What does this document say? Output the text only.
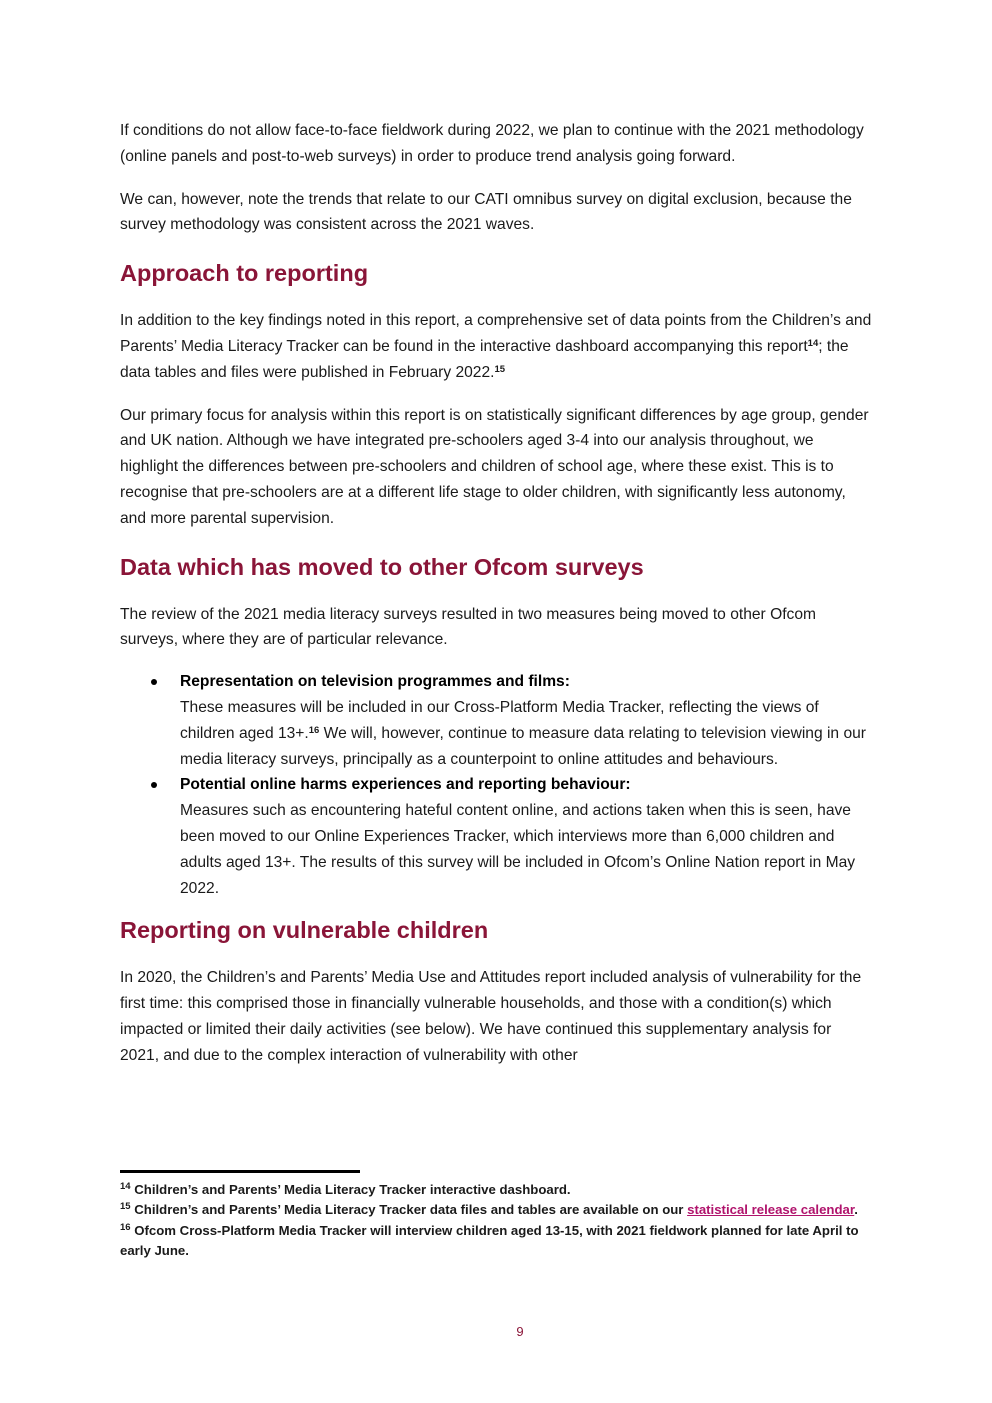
If conditions do not allow face-to-face fieldwork during 2022, we plan to continue with the 2021 methodology (online panels and post-to-web surveys) in order to produce trend analysis going forward.

We can, however, note the trends that relate to our CATI omnibus survey on digital exclusion, because the survey methodology was consistent across the 2021 waves.

Approach to reporting

In addition to the key findings noted in this report, a comprehensive set of data points from the Children’s and Parents’ Media Literacy Tracker can be found in the interactive dashboard accompanying this report$^{14}$; the data tables and files were published in February 2022.15

Our primary focus for analysis within this report is on statistically significant differences by age group, gender and UK nation. Although we have integrated pre-schoolers aged 3-4 into our analysis throughout, we highlight the differences between pre-schoolers and children of school age, where these exist. This is to recognise that pre-schoolers are at a different life stage to older children, with significantly less autonomy, and more parental supervision.

Data which has moved to other Ofcom surveys

The review of the 2021 media literacy surveys resulted in two measures being moved to other Ofcom surveys, where they are of particular relevance.

Representation on television programmes and films:
These measures will be included in our Cross-Platform Media Tracker, reflecting the views of children aged 13+.$^{16}$ We will, however, continue to measure data relating to television viewing in our media literacy surveys, principally as a counterpoint to online attitudes and behaviours.
Potential online harms experiences and reporting behaviour:
Measures such as encountering hateful content online, and actions taken when this is seen, have been moved to our Online Experiences Tracker, which interviews more than 6,000 children and adults aged 13+. The results of this survey will be included in Ofcom’s Online Nation report in May 2022.
Reporting on vulnerable children

In 2020, the Children’s and Parents’ Media Use and Attitudes report included analysis of vulnerability for the first time: this comprised those in financially vulnerable households, and those with a condition(s) which impacted or limited their daily activities (see below). We have continued this supplementary analysis for 2021, and due to the complex interaction of vulnerability with other

$^{14}$ Children’s and Parents’ Media Literacy Tracker interactive dashboard.

$^{15}$ Children’s and Parents’ Media Literacy Tracker data files and tables are available on our statistical release calendar.

$^{16}$ Ofcom Cross-Platform Media Tracker will interview children aged 13-15, with 2021 fieldwork planned for late April to early June.

9
